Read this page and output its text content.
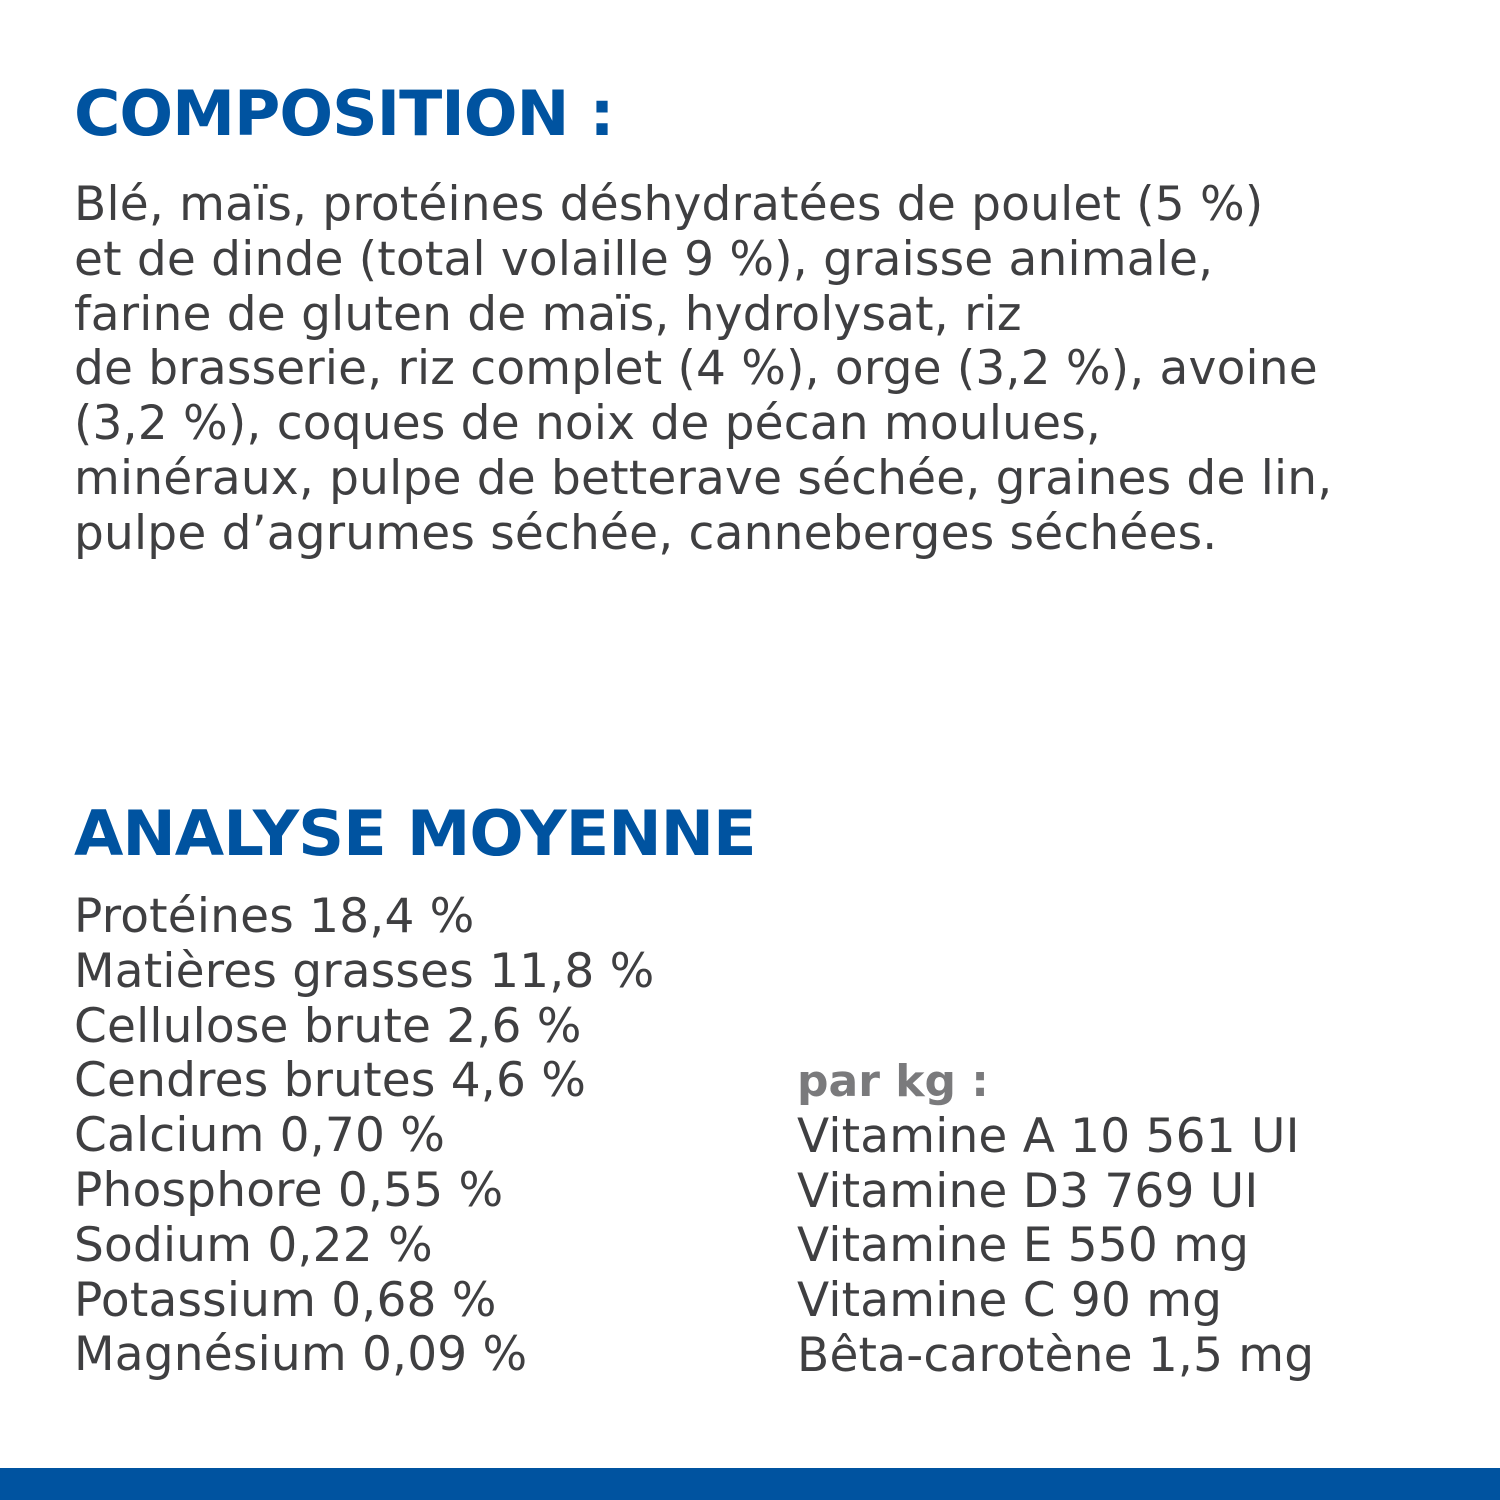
COMPOSITION :

Blé, maïs, protéines déshydratées de poulet (5 %)
et de dinde (total volaille 9 %), graisse animale,
farine de gluten de maïs, hydrolysat, riz
de brasserie, riz complet (4 %), orge (3,2 %), avoine
(3,2 %), coques de noix de pécan moulues,
minéraux, pulpe de betterave séchée, graines de lin,
pulpe d’agrumes séchée, canneberges séchées.

ANALYSE MOYENNE
Protéines 18,4 %
Matières grasses 11,8 %
Cellulose brute 2,6 %
Cendres brutes 4,6 %
Calcium 0,70 %
Phosphore 0,55 %
Sodium 0,22 %
Potassium 0,68 %
Magnésium 0,09 %

par kg :

Vitamine A 10 561 UI
Vitamine D3 769 UI
Vitamine E 550 mg
Vitamine C 90 mg
Bêta-carotène 1,5 mg
